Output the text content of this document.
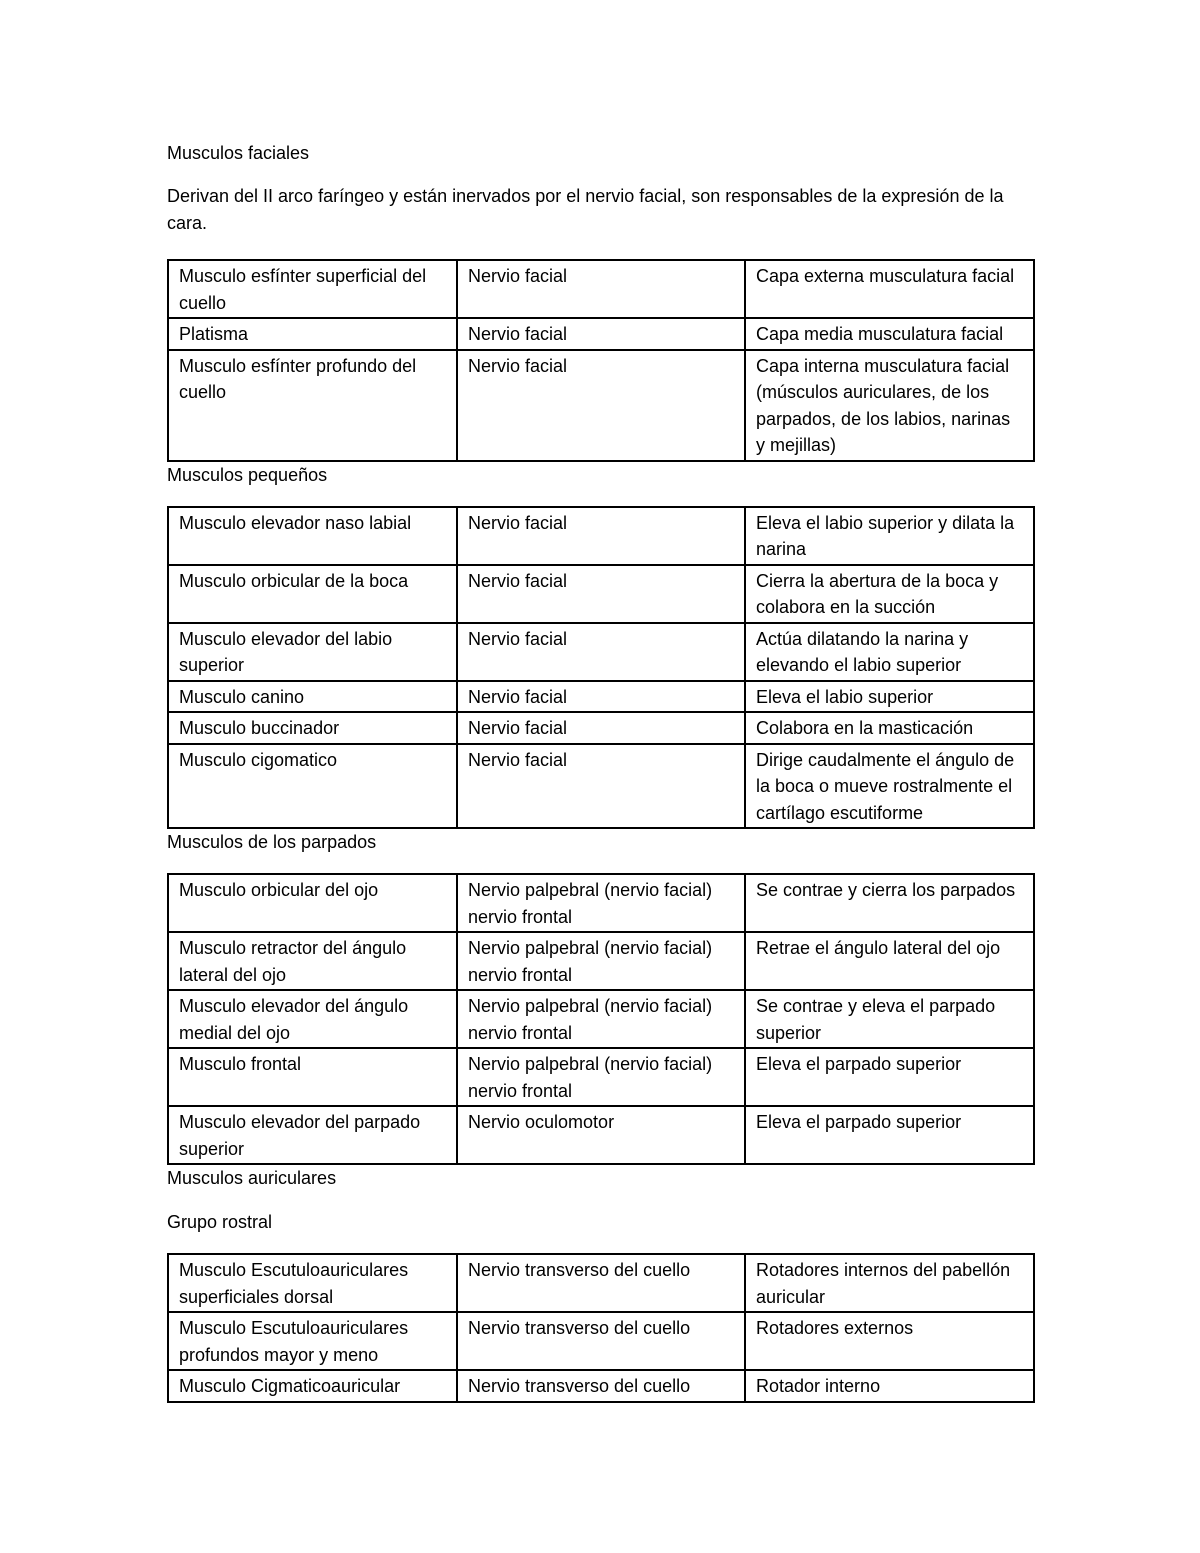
Musculos faciales

Derivan del II arco faríngeo y están inervados por el nervio facial, son responsables de la expresión de la cara.

Musculo esfínter superficial del cuello	Nervio facial	Capa externa musculatura facial
Platisma	Nervio facial	Capa media musculatura facial
Musculo esfínter profundo del cuello	Nervio facial	Capa interna musculatura facial (músculos auriculares, de los parpados, de los labios, narinas y mejillas)

Musculos pequeños

Musculo elevador naso labial	Nervio facial	Eleva el labio superior y dilata la narina
Musculo orbicular de la boca	Nervio facial	Cierra la abertura de la boca y colabora en la succión
Musculo elevador del labio superior	Nervio facial	Actúa dilatando la narina y elevando el labio superior
Musculo canino	Nervio facial	Eleva el labio superior
Musculo buccinador	Nervio facial	Colabora en la masticación
Musculo cigomatico	Nervio facial	Dirige caudalmente el ángulo de la boca o mueve rostralmente el cartílago escutiforme

Musculos de los parpados

Musculo orbicular del ojo	Nervio palpebral (nervio facial) nervio frontal	Se contrae y cierra los parpados
Musculo retractor del ángulo lateral del ojo	Nervio palpebral (nervio facial) nervio frontal	Retrae el ángulo lateral del ojo
Musculo elevador del ángulo medial del ojo	Nervio palpebral (nervio facial) nervio frontal	Se contrae y eleva el parpado superior
Musculo frontal	Nervio palpebral (nervio facial) nervio frontal	Eleva el parpado superior
Musculo elevador del parpado superior	Nervio oculomotor	Eleva el parpado superior

Musculos auriculares

Grupo rostral

Musculo Escutuloauriculares superficiales dorsal	Nervio transverso del cuello	Rotadores internos del pabellón auricular
Musculo Escutuloauriculares profundos mayor y meno	Nervio transverso del cuello	Rotadores externos
Musculo Cigmaticoauricular	Nervio transverso del cuello	Rotador interno
